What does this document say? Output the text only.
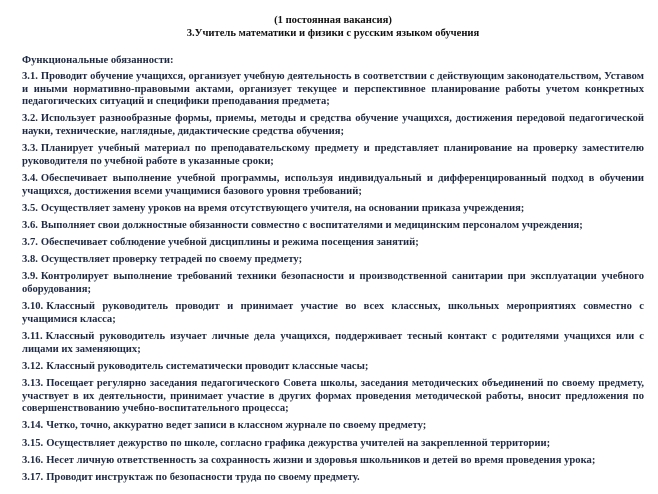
(1 постоянная вакансия)
3.Учитель математики и физики с русским языком обучения
Функциональные обязанности:
3.1. Проводит обучение учащихся, организует учебную деятельность в соответствии с действующим законодательством, Уставом и иными нормативно-правовыми актами, организует текущее и перспективное планирование работы учетом конкретных педагогических ситуаций и специфики преподавания предмета;
3.2. Использует разнообразные формы, приемы, методы и средства обучение учащихся, достижения передовой педагогической науки, технические, наглядные, дидактические средства обучения;
3.3. Планирует учебный материал по преподавательскому предмету и представляет планирование на проверку заместителю руководителя по учебной работе в указанные сроки;
3.4. Обеспечивает выполнение учебной программы, используя индивидуальный и дифференцированный подход в обучении учащихся, достижения всеми учащимися базового уровня требований;
3.5. Осуществляет замену уроков на время отсутствующего учителя, на основании приказа учреждения;
3.6. Выполняет свои должностные обязанности совместно с воспитателями и медицинским персоналом учреждения;
3.7. Обеспечивает соблюдение учебной дисциплины и режима посещения занятий;
3.8. Осуществляет проверку тетрадей по своему предмету;
3.9. Контролирует выполнение требований техники безопасности и производственной санитарии при эксплуатации учебного оборудования;
3.10. Классный руководитель проводит и принимает участие во всех классных, школьных мероприятиях совместно с учащимися класса;
3.11. Классный руководитель изучает личные дела учащихся, поддерживает тесный контакт с родителями учащихся или с лицами их заменяющих;
3.12. Классный руководитель систематически проводит классные часы;
3.13. Посещает регулярно заседания педагогического Совета школы, заседания методических объединений по своему предмету, участвует в их деятельности, принимает участие в других формах проведения методической работы, вносит предложения по совершенствованию учебно-воспитательного процесса;
3.14. Четко, точно, аккуратно ведет записи в классном журнале по своему предмету;
3.15. Осуществляет дежурство по школе, согласно графика дежурства учителей на закрепленной территории;
3.16. Несет личную ответственность за сохранность жизни и здоровья школьников и детей во время проведения урока;
3.17. Проводит инструктаж по безопасности труда по своему предмету.
